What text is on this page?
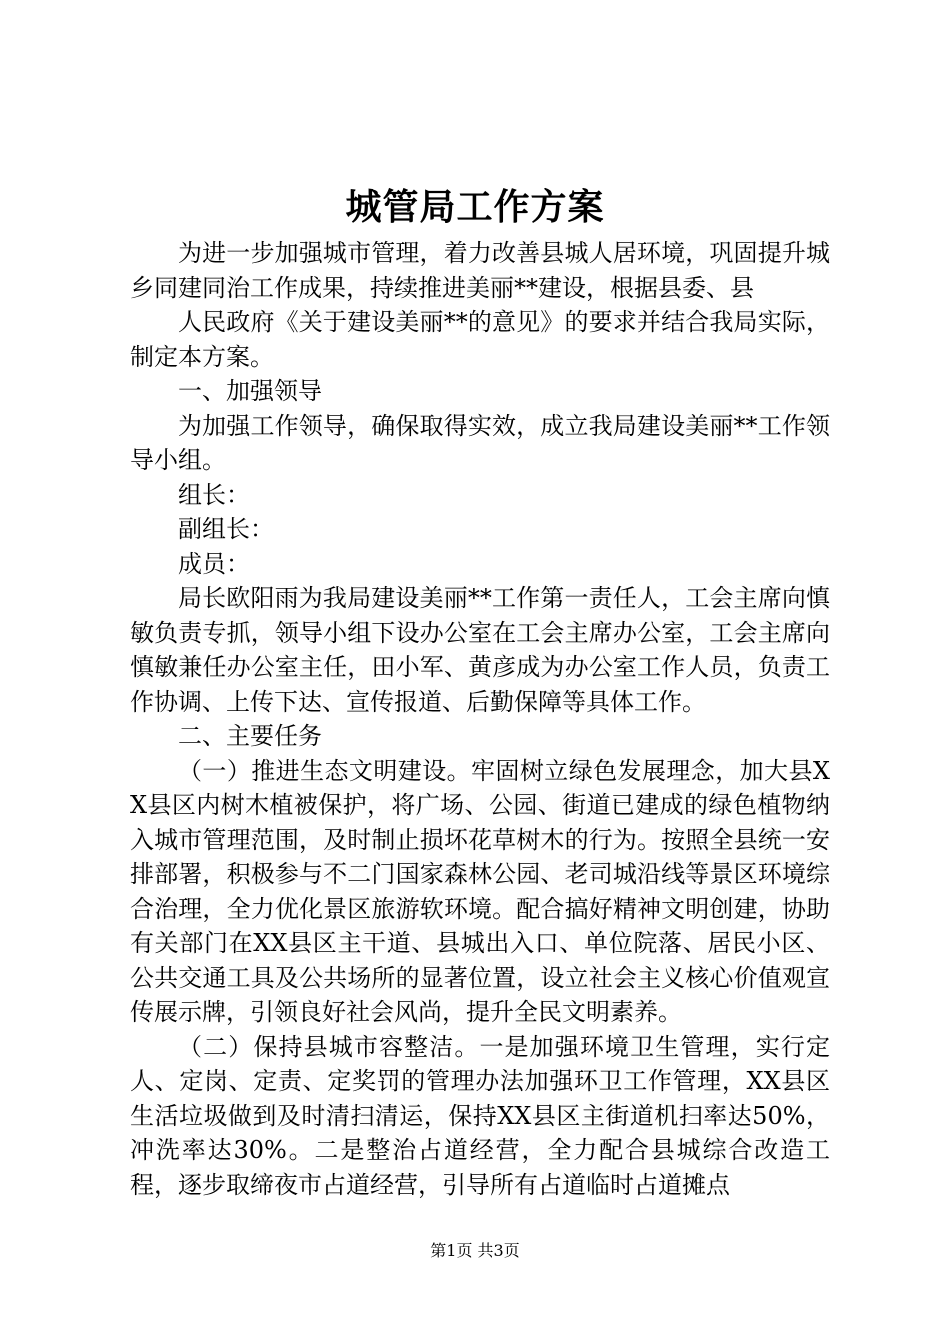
城管局工作方案

为进一步加强城市管理，着力改善县城人居环境，巩固提升城乡同建同治工作成果，持续推进美丽**建设，根据县委、县

人民政府《关于建设美丽**的意见》的要求并结合我局实际，制定本方案。

一、加强领导

为加强工作领导，确保取得实效，成立我局建设美丽**工作领导小组。

组长：

副组长：

成员：

局长欧阳雨为我局建设美丽**工作第一责任人，工会主席向慎敏负责专抓，领导小组下设办公室在工会主席办公室，工会主席向慎敏兼任办公室主任，田小军、黄彦成为办公室工作人员，负责工作协调、上传下达、宣传报道、后勤保障等具体工作。

二、主要任务

（一）推进生态文明建设。牢固树立绿色发展理念，加大县XX县区内树木植被保护，将广场、公园、街道已建成的绿色植物纳入城市管理范围，及时制止损坏花草树木的行为。按照全县统一安排部署，积极参与不二门国家森林公园、老司城沿线等景区环境综合治理，全力优化景区旅游软环境。配合搞好精神文明创建，协助有关部门在XX县区主干道、县城出入口、单位院落、居民小区、公共交通工具及公共场所的显著位置，设立社会主义核心价值观宣传展示牌，引领良好社会风尚，提升全民文明素养。

（二）保持县城市容整洁。一是加强环境卫生管理，实行定人、定岗、定责、定奖罚的管理办法加强环卫工作管理，XX县区生活垃圾做到及时清扫清运，保持XX县区主街道机扫率达50%，冲洗率达30%。二是整治占道经营，全力配合县城综合改造工程，逐步取缔夜市占道经营，引导所有占道临时占道摊点

第1页 共3页
